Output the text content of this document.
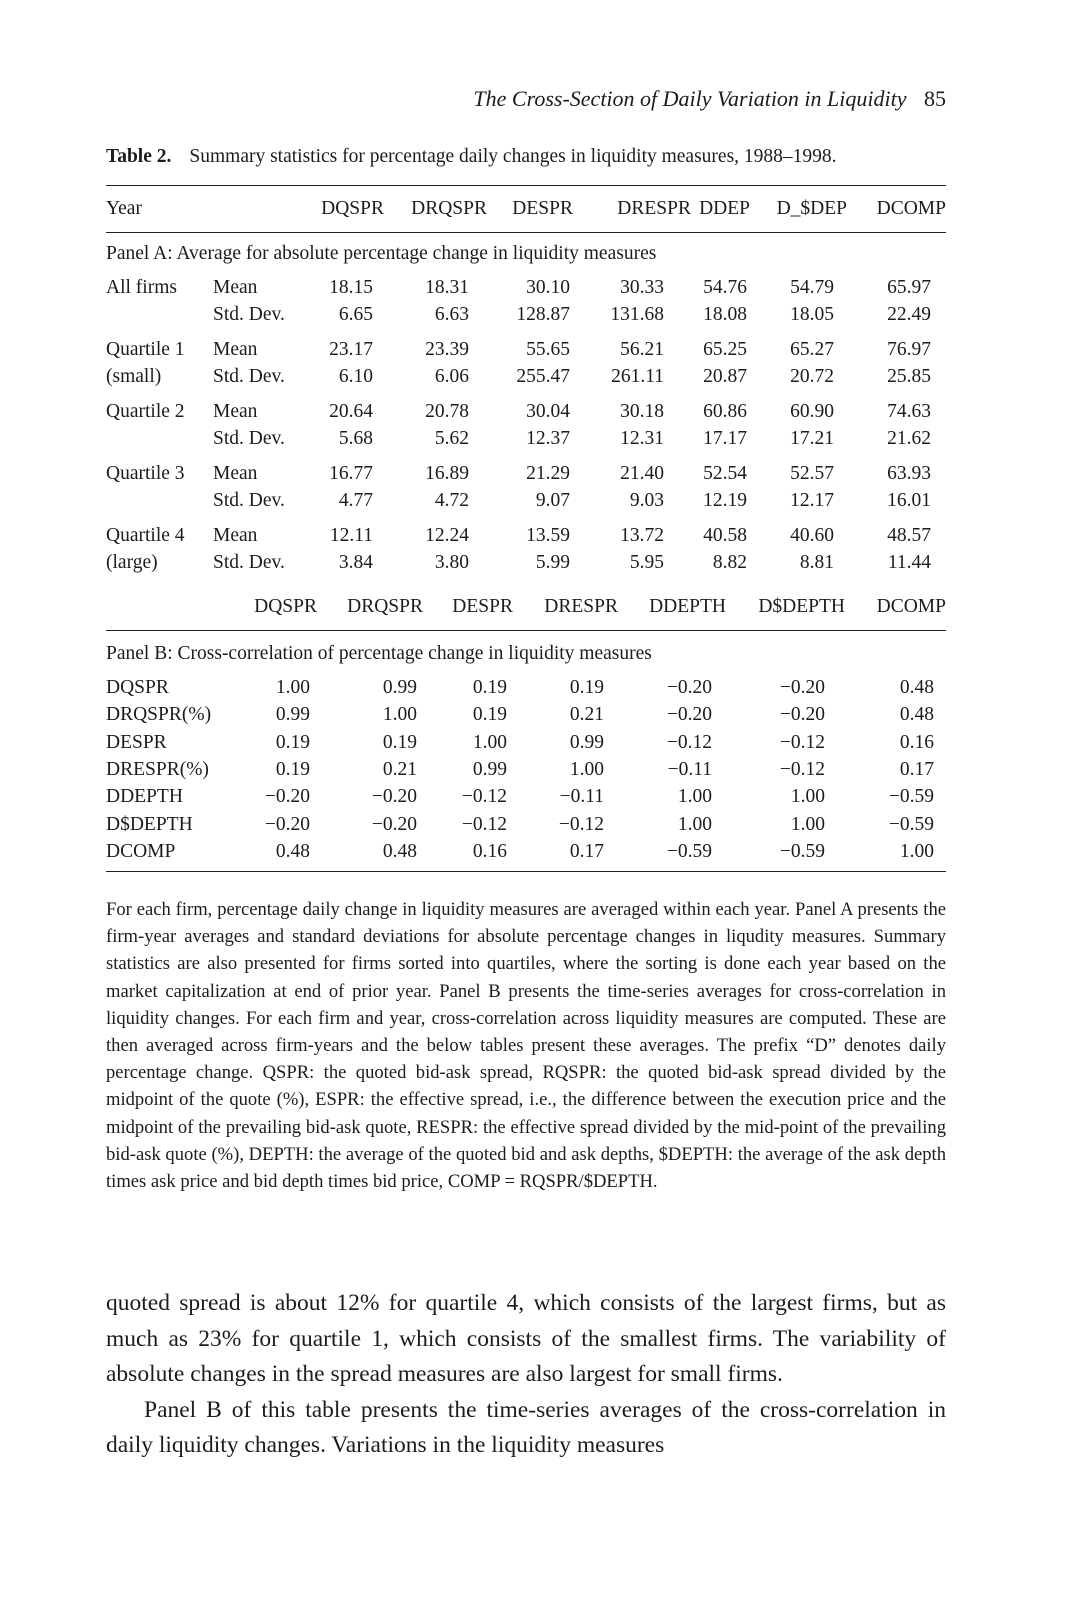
The Cross-Section of Daily Variation in Liquidity 85
Table 2. Summary statistics for percentage daily changes in liquidity measures, 1988–1998.
Year	DQSPR DRQSPR DESPR DRESPR DDEP D_$DEP DCOMP
Panel A: Average for absolute percentage change in liquidity measures
All firms Mean	18.15	18.31	30.10	30.33 54.76 54.79	65.97
Std. Dev.	6.65	6.63 128.87 131.68 18.08 18.05	22.49
Quartile 1 Mean	23.17	23.39	55.65	56.21 65.25 65.27	76.97
(small)	Std. Dev.	6.10	6.06 255.47 261.11 20.87 20.72	25.85
Quartile 2 Mean	20.64	20.78	30.04	30.18 60.86 60.90	74.63
Std. Dev.	5.68	5.62	12.37	12.31 17.17 17.21	21.62
Quartile 3 Mean	16.77	16.89	21.29	21.40 52.54 52.57	63.93
Std. Dev.	4.77	4.72	9.07	9.03 12.19 12.17	16.01
Quartile 4 Mean	12.11	12.24	13.59	13.72 40.58 40.60	48.57
(large)	Std. Dev.	3.84	3.80	5.99	5.95	8.82	8.81	11.44
DQSPR DRQSPR DESPR DRESPR DDEPTH D$DEPTH DCOMP
Panel B: Cross-correlation of percentage change in liquidity measures
DQSPR	1.00	0.99	0.19	0.19	−0.20	−0.20	0.48
DRQSPR(%)	0.99	1.00	0.19	0.21	−0.20	−0.20	0.48
DESPR	0.19	0.19	1.00	0.99	−0.12	−0.12	0.16
DRESPR(%)	0.19	0.21	0.99	1.00	−0.11	−0.12	0.17
DDEPTH	−0.20	−0.20 −0.12	−0.11	1.00	1.00	−0.59
D$DEPTH	−0.20	−0.20 −0.12	−0.12	1.00	1.00	−0.59
DCOMP	0.48	0.48	0.16	0.17	−0.59	−0.59	1.00
For each firm, percentage daily change in liquidity measures are averaged within each year. Panel A presents the firm-year averages and standard deviations for absolute percentage changes in liqudity measures. Summary statistics are also presented for firms sorted into quartiles, where the sorting is done each year based on the market capitalization at end of prior year. Panel B presents the time-series averages for cross-correlation in liquidity changes. For each firm and year, cross-correlation across liquidity measures are computed. These are then averaged across firm-years and the below tables present these averages. The prefix “D” denotes daily percentage change. QSPR: the quoted bid-ask spread, RQSPR: the quoted bid-ask spread divided by the midpoint of the quote (%), ESPR: the effective spread, i.e., the difference between the execution price and the midpoint of the prevailing bid-ask quote, RESPR: the effective spread divided by the mid-point of the prevailing bid-ask quote (%), DEPTH: the average of the quoted bid and ask depths, $DEPTH: the average of the ask depth times ask price and bid depth times bid price, COMP = RQSPR/$DEPTH.

quoted spread is about 12% for quartile 4, which consists of the largest firms, but as much as 23% for quartile 1, which consists of the smallest firms. The variability of absolute changes in the spread measures are also largest for small firms.

Panel B of this table presents the time-series averages of the cross-correlation in daily liquidity changes. Variations in the liquidity measures
